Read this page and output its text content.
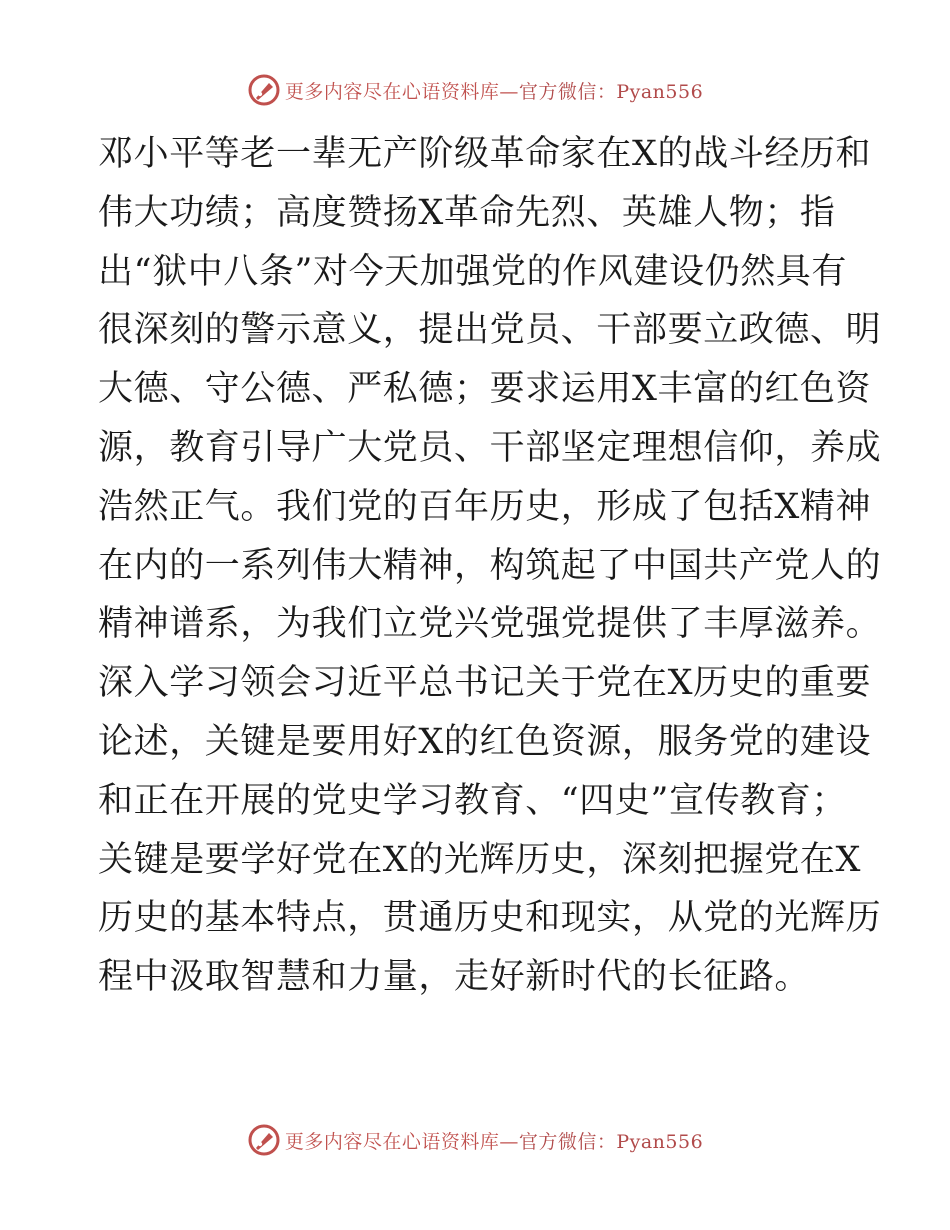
更多内容尽在心语资料库—官方微信：Pyan556
邓小平等老一辈无产阶级革命家在X的战斗经历和
伟大功绩；高度赞扬X革命先烈、英雄人物；指
出“狱中八条”对今天加强党的作风建设仍然具有
很深刻的警示意义，提出党员、干部要立政德、明
大德、守公德、严私德；要求运用X丰富的红色资
源，教育引导广大党员、干部坚定理想信仰，养成
浩然正气。我们党的百年历史，形成了包括X精神
在内的一系列伟大精神，构筑起了中国共产党人的
精神谱系，为我们立党兴党强党提供了丰厚滋养。
深入学习领会习近平总书记关于党在X历史的重要
论述，关键是要用好X的红色资源，服务党的建设
和正在开展的党史学习教育、“四史”宣传教育；
关键是要学好党在X的光辉历史，深刻把握党在X
历史的基本特点，贯通历史和现实，从党的光辉历
程中汲取智慧和力量，走好新时代的长征路。
更多内容尽在心语资料库—官方微信：Pyan556
